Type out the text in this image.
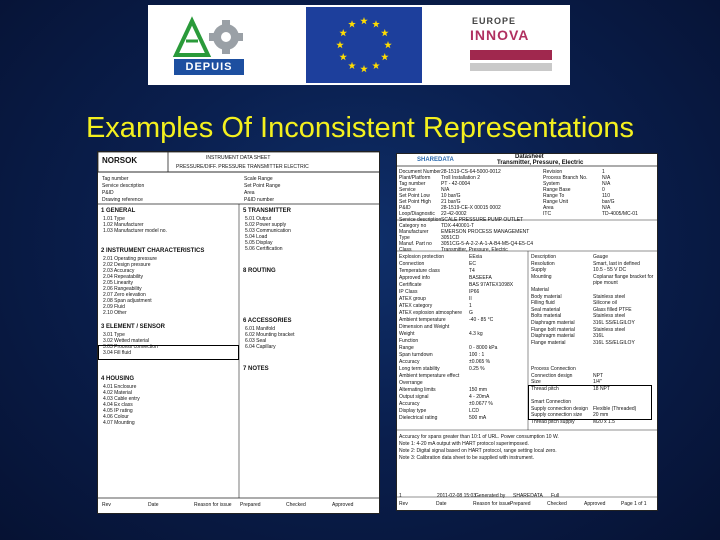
DEPUIS
EUROPE
INNOVA
Examples Of Inconsistent Representations
NORSOK	INSTRUMENT DATA SHEET
PRESSURE/DIFF. PRESSURE TRANSMITTER ELECTRIC
Tag number
Service description
P&ID
Drawing reference
Scale Range
Set Point Range
Area
P&ID number
1 GENERAL
1.01 Type
1.02 Manufacturer
1.03 Manufacturer model no.
2 INSTRUMENT CHARACTERISTICS
2.01 Operating pressure
2.02 Design pressure
2.03 Accuracy
2.04 Repeatability
2.05 Linearity
2.06 Rangeability
2.07 Zero elevation
2.08 Span adjustment
2.09 Fluid
2.10 Other
3 ELEMENT / SENSOR
3.01 Type
3.02 Wetted material
3.03 Process connection
3.04 Fill fluid
4 HOUSING
4.01 Enclosure
4.02 Material
4.03 Cable entry
4.04 Ex class
4.05 IP rating
4.06 Colour
4.07 Mounting
5 TRANSMITTER
5.01 Output
5.02 Power supply
5.03 Communication
5.04 Load
5.05 Display
5.06 Certification
8 ROUTING
6 ACCESSORIES
6.01 Manifold
6.02 Mounting bracket
6.03 Seal
6.04 Capillary
7 NOTES
Rev	Date	Reason for issue Prepared	Checked	Approved
SHAREDATA	Datasheet
Transmitter, Pressure, Electric
Document Number 28-1519-CS-64-5000-0012
Plant/Platform Troll Installation 2
Tag number	PT - 42-0004
Service	N/A
Set Point Low 10 bar/G
Set Point High 21 bar/G
P&ID	28-1519-CE-X 00015 0002
Loop/Diagnostic 22-42-0002
Service description SCALE PRESSURE PUMP OUTLET
Revision	1
Process Branch No.	N/A
System	N/A
Range Base	0
Range To	110
Range Unit	bar/G
Area	N/A
ITC	TD-4005/MC-01
Category no	TDX-440001-T
Manufacturer	EMERSON PROCESS MANAGEMENT
Type	3051CD
Manuf. Part no 3051CG-5-A-2-2-A-1-A-B4-M5-Q4-E5-C4
Class	Transmitter, Pressure, Electric
Explosion protection	EExia
Connection	EC
Temperature class	T4
Approved info	BASEEFA
Certificate	BAS 97ATEX1098X
IP Class	IP66
ATEX group	II
ATEX category	1
ATEX explosion atmosphere G
Ambient temperature	-40 - 85 °C
Dimension and Weight
Weight	4.3 kg
Function
Range	0 - 8000 kPa
Span turndown	100 : 1
Accuracy	±0.065 %
Long term stability	0.25 %
Ambient temperature effect
Overrange
Alternating limits	150 mm
Output signal	4 - 20mA
Accuracy	±0.0677 %
Display type	LCD
Dielectrical rating	500 mA
Description	Gauge
Resolution	Smart, last in defined
Supply	10.5 - 55 V DC
Mounting	Coplanar flange bracket for
pipe mount
Material
Body material	Stainless steel
Filling fluid	Silicone oil
Seal material	Glass filled PTFE
Bolts material	Stainless steel
Diaphragm material	316L SS/ELGILOY
Flange bolt material	Stainless steel
Diaphragm material	316L
Flange material	316L SS/ELGILOY
Process Connection
Connection design	NPT
Size	1/4"
Thread pitch	18 NPT
Smart Connection
Supply connection design Flexible (Threaded)
Supply connection size 20 mm
Thread pitch supply	M20 x 1.5
Accuracy for spans greater than 10:1 of URL. Power consumption 10 W.
Note 1: 4-20 mA output with HART protocol superimposed.
Note 2: Digital signal based on HART protocol, range setting local zero.
Note 3: Calibration data sheet to be supplied with instrument.
1	2011-02-08 15:03
Generated by SHAREDATA Full
Rev	Date	Reason for issue Prepared	Checked	Approved	Page 1 of 1
